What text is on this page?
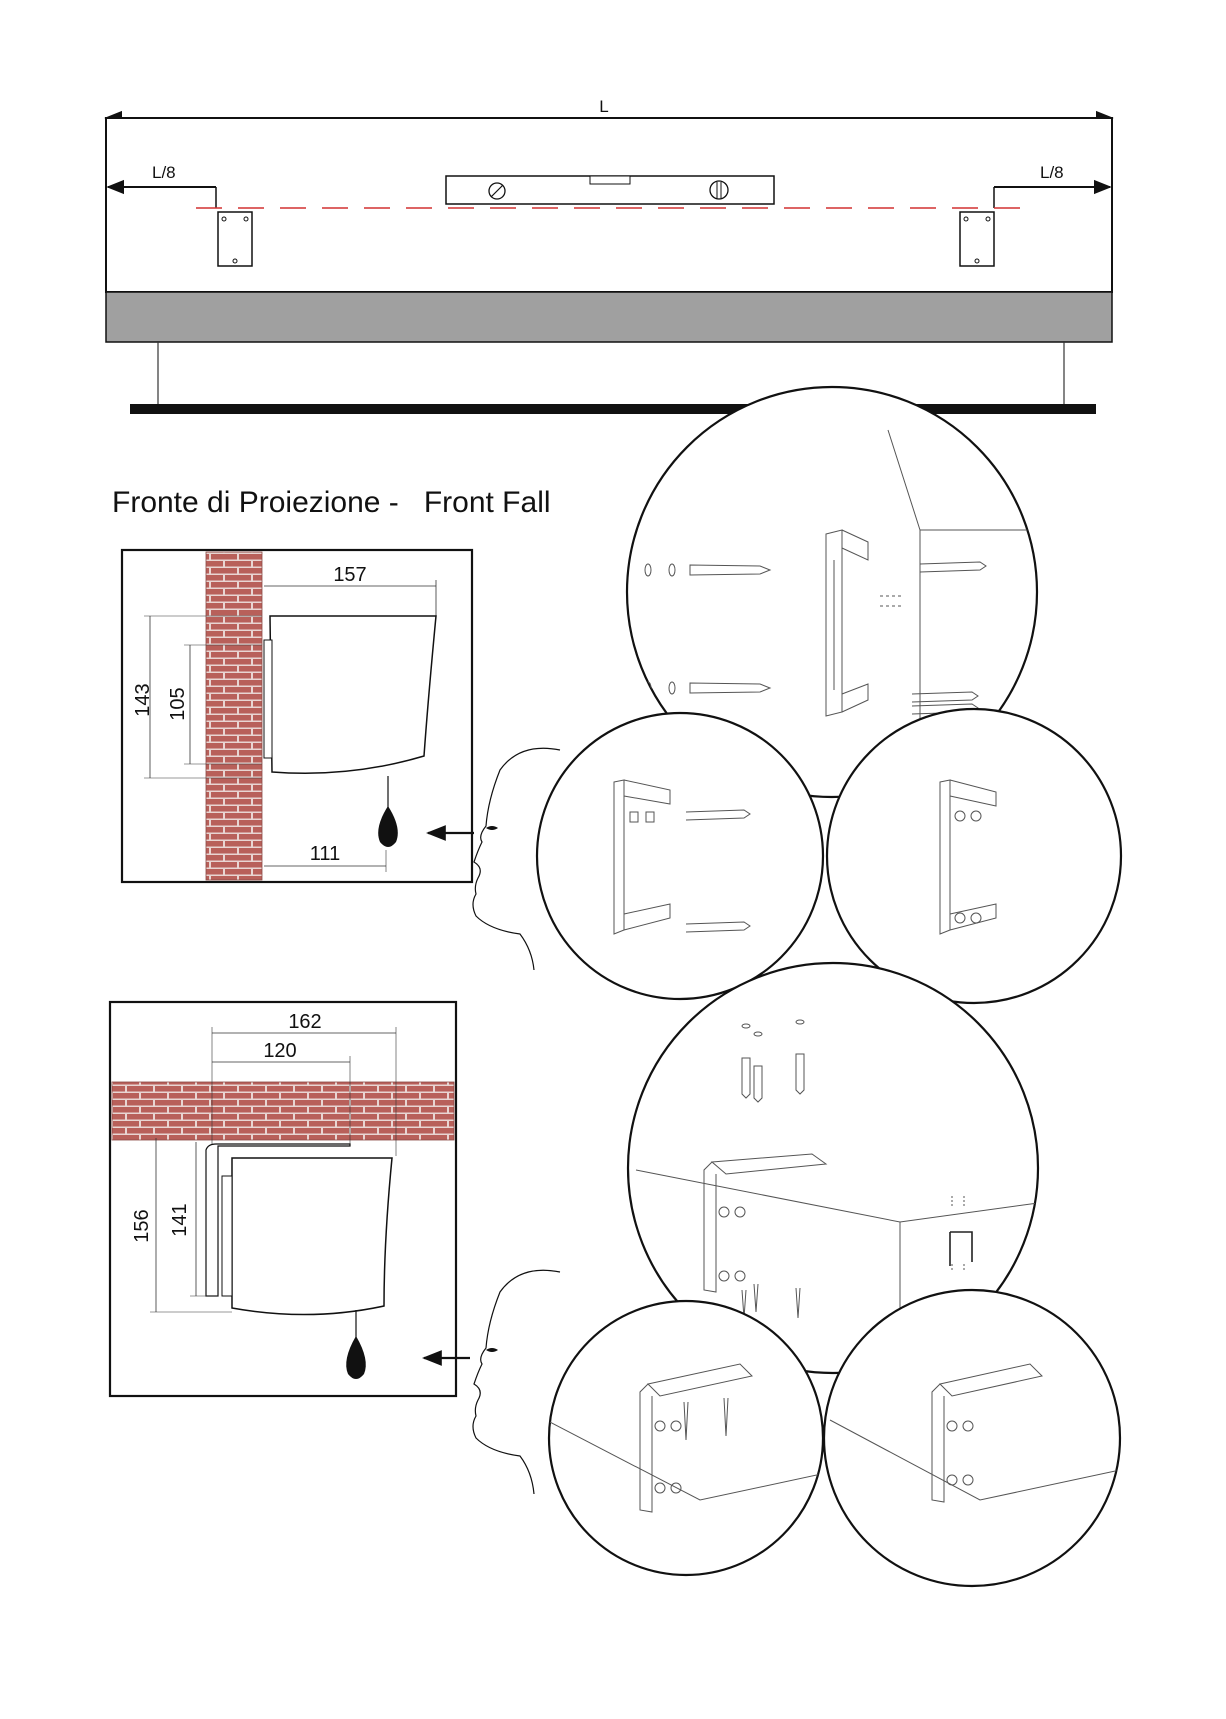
Fronte di Proiezione - Front Fall
L
L/8	L/8
157
143 105
111
162
120
156 141
